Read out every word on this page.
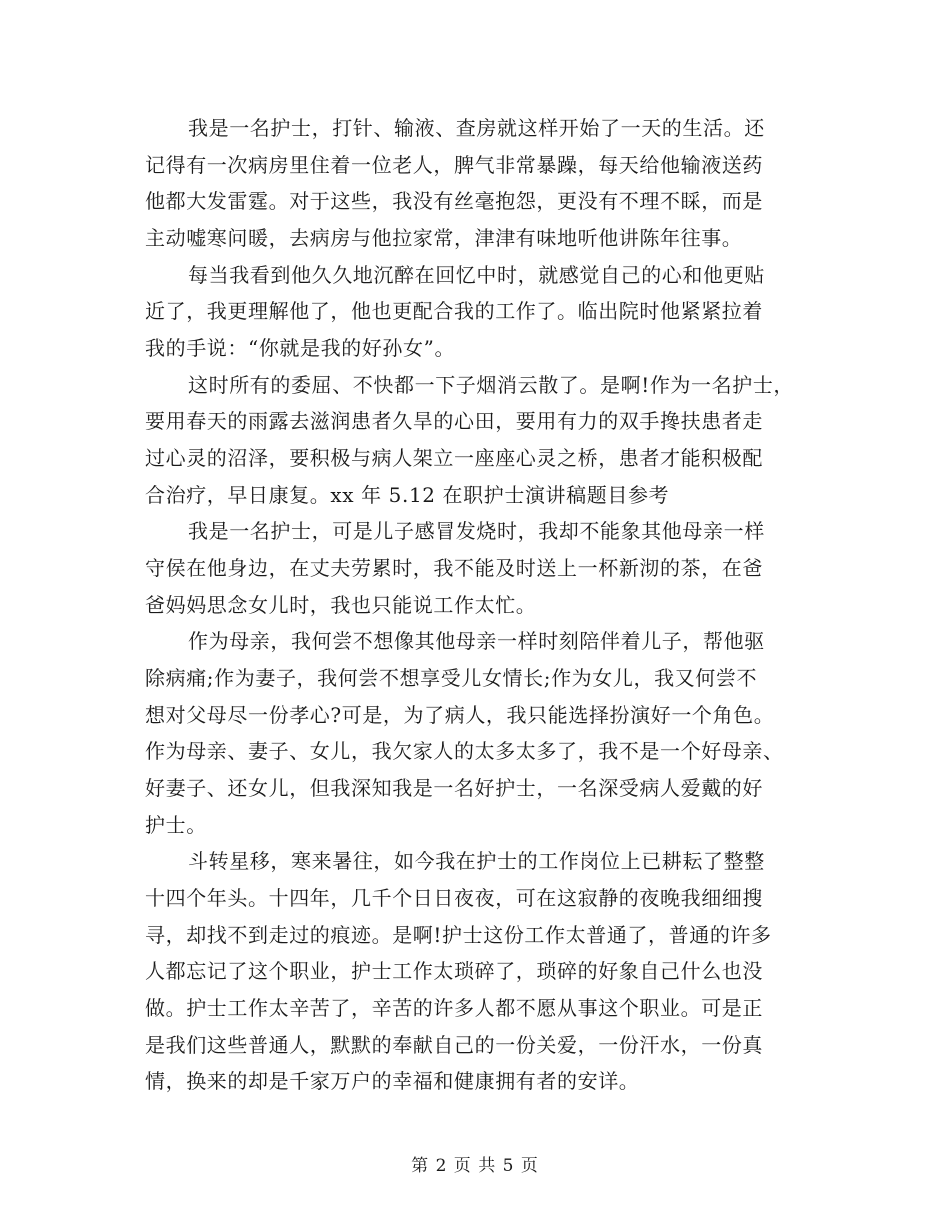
我是一名护士，打针、输液、查房就这样开始了一天的生活。还
记得有一次病房里住着一位老人，脾气非常暴躁，每天给他输液送药
他都大发雷霆。对于这些，我没有丝毫抱怨，更没有不理不睬，而是
主动嘘寒问暖，去病房与他拉家常，津津有味地听他讲陈年往事。
每当我看到他久久地沉醉在回忆中时，就感觉自己的心和他更贴
近了，我更理解他了，他也更配合我的工作了。临出院时他紧紧拉着
我的手说：“你就是我的好孙女”。
这时所有的委屈、不快都一下子烟消云散了。是啊!作为一名护士，
要用春天的雨露去滋润患者久旱的心田，要用有力的双手搀扶患者走
过心灵的沼泽，要积极与病人架立一座座心灵之桥，患者才能积极配
合治疗，早日康复。xx 年 5.12 在职护士演讲稿题目参考
我是一名护士，可是儿子感冒发烧时，我却不能象其他母亲一样
守侯在他身边，在丈夫劳累时，我不能及时送上一杯新沏的茶，在爸
爸妈妈思念女儿时，我也只能说工作太忙。
作为母亲，我何尝不想像其他母亲一样时刻陪伴着儿子，帮他驱
除病痛;作为妻子，我何尝不想享受儿女情长;作为女儿，我又何尝不
想对父母尽一份孝心?可是，为了病人，我只能选择扮演好一个角色。
作为母亲、妻子、女儿，我欠家人的太多太多了，我不是一个好母亲、
好妻子、还女儿，但我深知我是一名好护士，一名深受病人爱戴的好
护士。
斗转星移，寒来暑往，如今我在护士的工作岗位上已耕耘了整整
十四个年头。十四年，几千个日日夜夜，可在这寂静的夜晚我细细搜
寻，却找不到走过的痕迹。是啊!护士这份工作太普通了，普通的许多
人都忘记了这个职业，护士工作太琐碎了，琐碎的好象自己什么也没
做。护士工作太辛苦了，辛苦的许多人都不愿从事这个职业。可是正
是我们这些普通人，默默的奉献自己的一份关爱，一份汗水，一份真
情，换来的却是千家万户的幸福和健康拥有者的安详。
第 2 页 共 5 页
